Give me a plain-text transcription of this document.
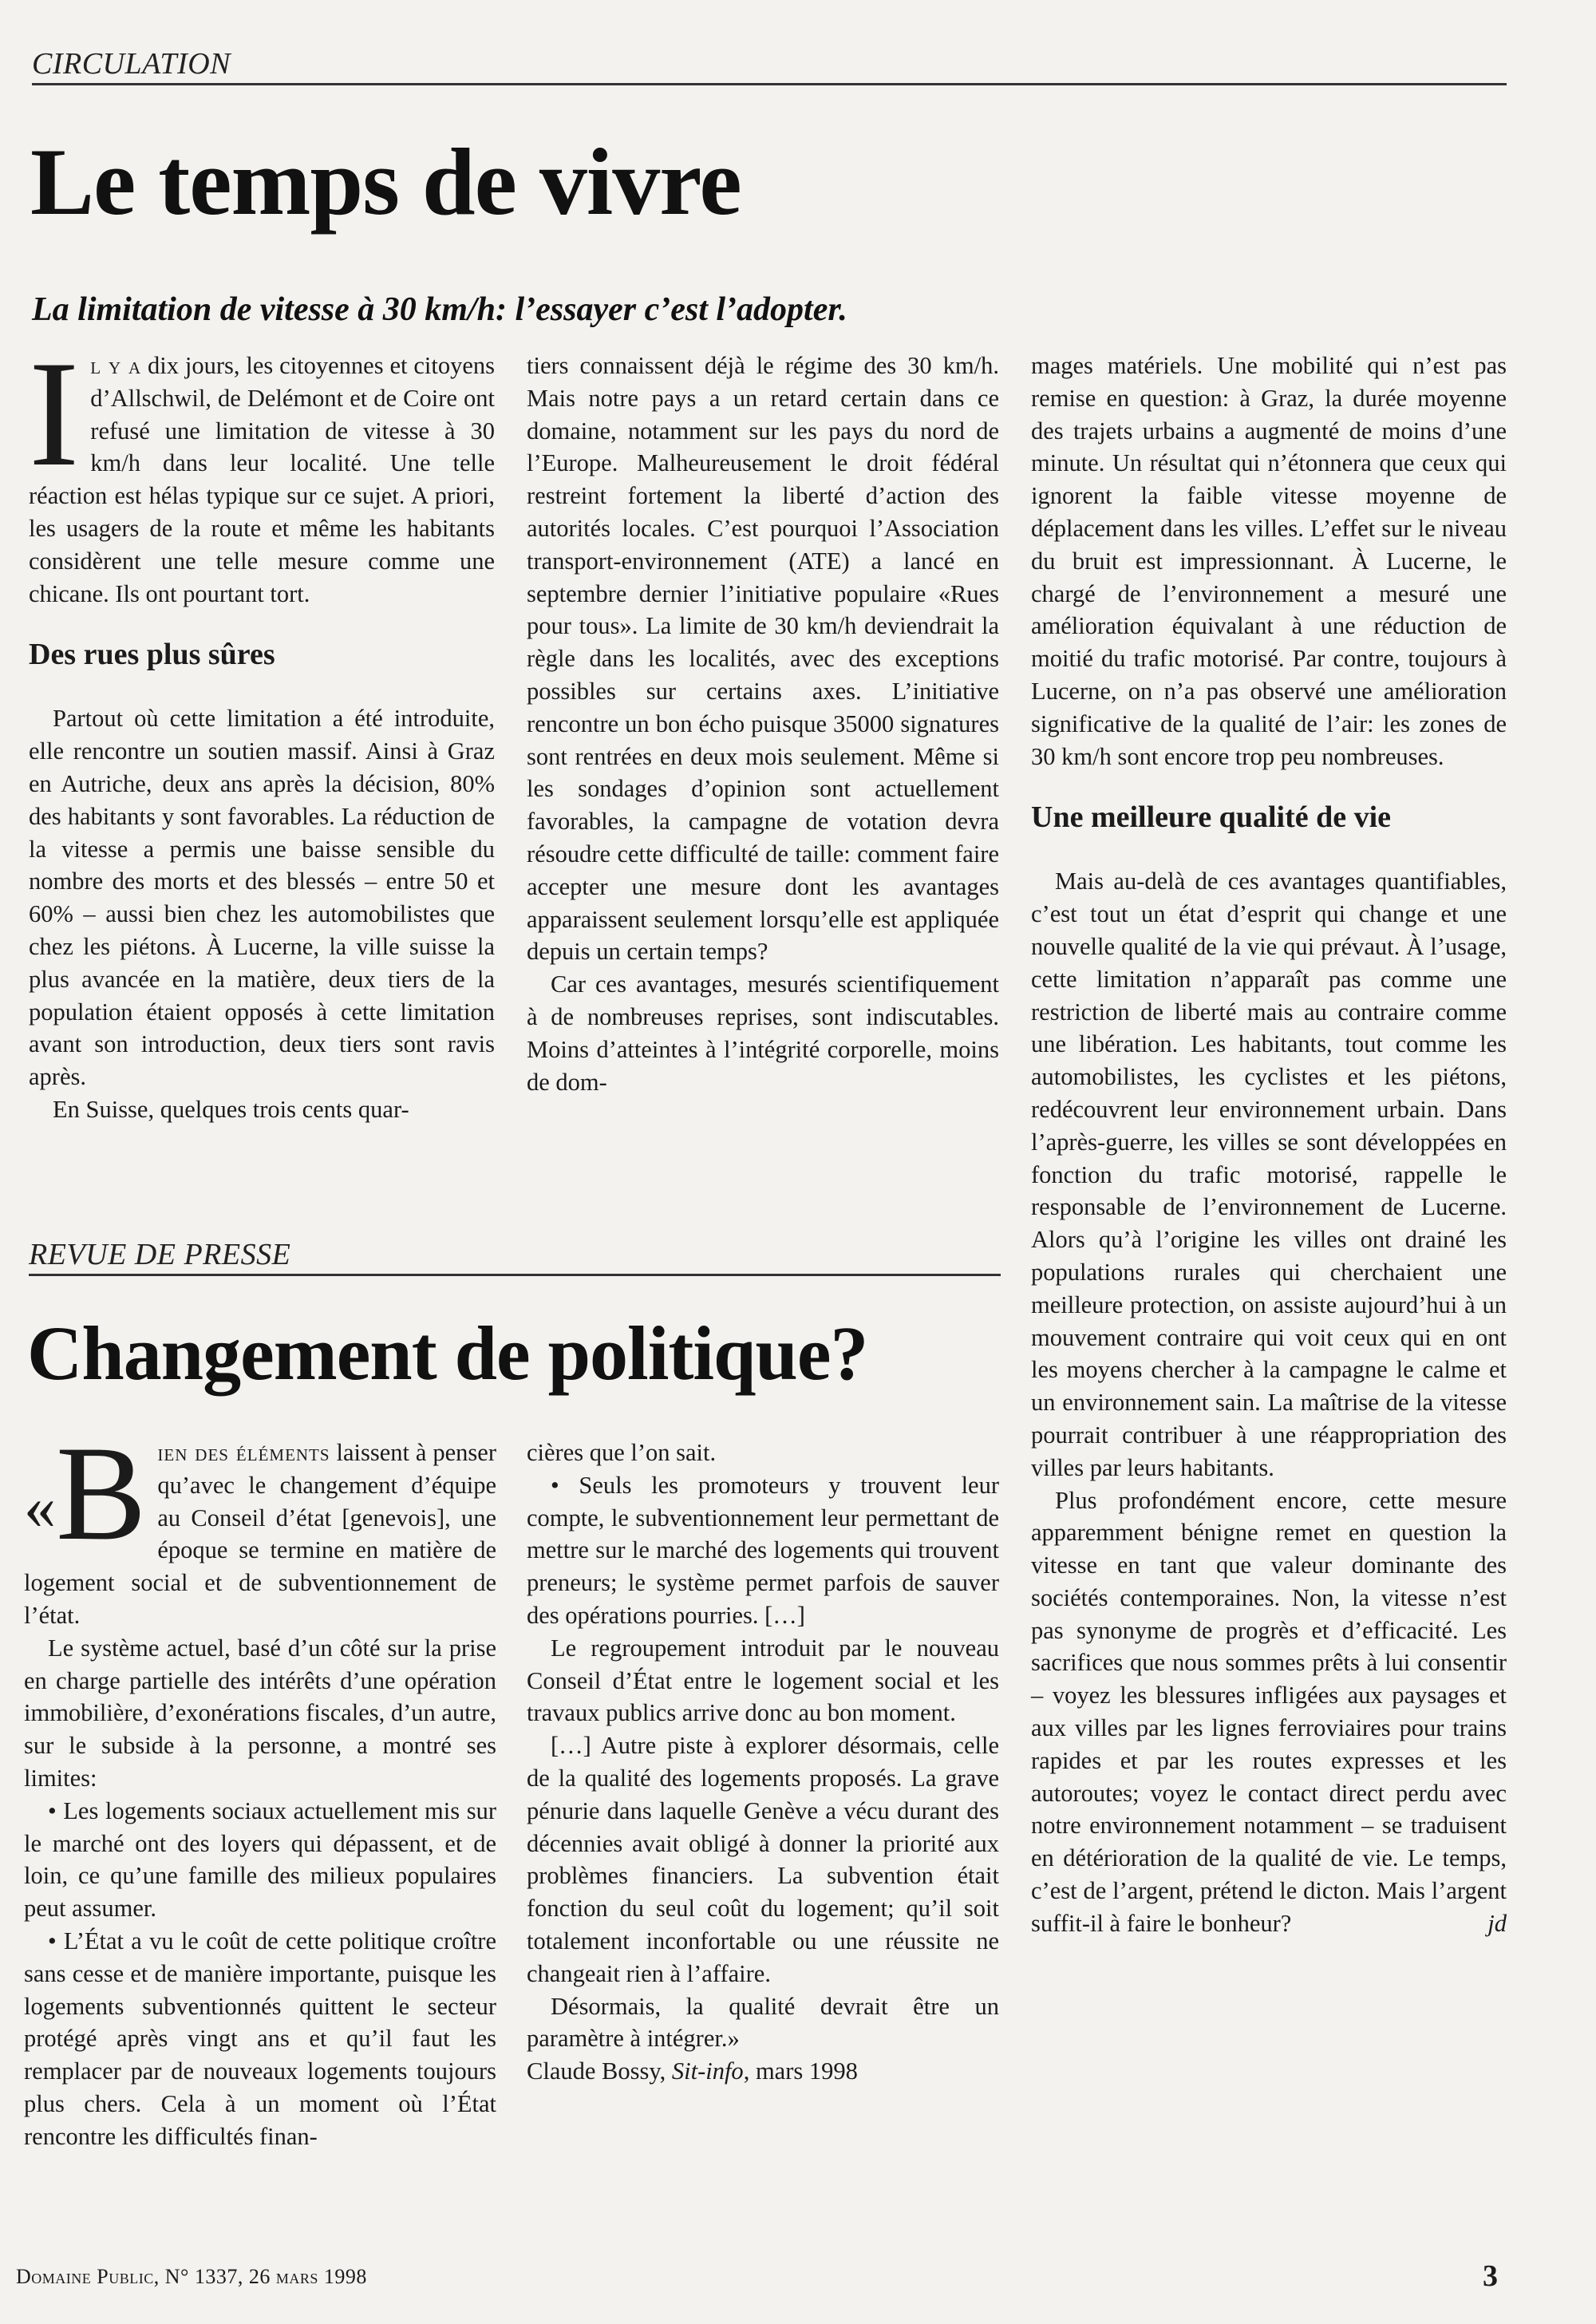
CIRCULATION
Le temps de vivre
La limitation de vitesse à 30 km/h: l’essayer c’est l’adopter.

Il y a dix jours, les citoyennes et citoyens d’Allschwil, de Delémont et de Coire ont refusé une limitation de vitesse à 30 km/h dans leur localité. Une telle réaction est hélas typique sur ce sujet. A priori, les usagers de la route et même les habitants considèrent une telle mesure comme une chicane. Ils ont pourtant tort.

Des rues plus sûres

Partout où cette limitation a été introduite, elle rencontre un soutien massif. Ainsi à Graz en Autriche, deux ans après la décision, 80% des habitants y sont favorables. La réduction de la vitesse a permis une baisse sensible du nombre des morts et des blessés – entre 50 et 60% – aussi bien chez les automobilistes que chez les piétons. À Lucerne, la ville suisse la plus avancée en la matière, deux tiers de la population étaient opposés à cette limitation avant son introduction, deux tiers sont ravis après.

En Suisse, quelques trois cents quar-

tiers connaissent déjà le régime des 30 km/h. Mais notre pays a un retard certain dans ce domaine, notamment sur les pays du nord de l’Europe. Malheureusement le droit fédéral restreint fortement la liberté d’action des autorités locales. C’est pourquoi l’Association transport-environnement (ATE) a lancé en septembre dernier l’initiative populaire «Rues pour tous». La limite de 30 km/h deviendrait la règle dans les localités, avec des exceptions possibles sur certains axes. L’initiative rencontre un bon écho puisque 35000 signatures sont rentrées en deux mois seulement. Même si les sondages d’opinion sont actuellement favorables, la campagne de votation devra résoudre cette difficulté de taille: comment faire accepter une mesure dont les avantages apparaissent seulement lorsqu’elle est appliquée depuis un certain temps?

Car ces avantages, mesurés scientifiquement à de nombreuses reprises, sont indiscutables. Moins d’atteintes à l’intégrité corporelle, moins de dom-

mages matériels. Une mobilité qui n’est pas remise en question: à Graz, la durée moyenne des trajets urbains a augmenté de moins d’une minute. Un résultat qui n’étonnera que ceux qui ignorent la faible vitesse moyenne de déplacement dans les villes. L’effet sur le niveau du bruit est impressionnant. À Lucerne, le chargé de l’environnement a mesuré une amélioration équivalant à une réduction de moitié du trafic motorisé. Par contre, toujours à Lucerne, on n’a pas observé une amélioration significative de la qualité de l’air: les zones de 30 km/h sont encore trop peu nombreuses.

Une meilleure qualité de vie

Mais au-delà de ces avantages quantifiables, c’est tout un état d’esprit qui change et une nouvelle qualité de la vie qui prévaut. À l’usage, cette limitation n’apparaît pas comme une restriction de liberté mais au contraire comme une libération. Les habitants, tout comme les automobilistes, les cyclistes et les piétons, redécouvrent leur environnement urbain. Dans l’après-guerre, les villes se sont développées en fonction du trafic motorisé, rappelle le responsable de l’environnement de Lucerne. Alors qu’à l’origine les villes ont drainé les populations rurales qui cherchaient une meilleure protection, on assiste aujourd’hui à un mouvement contraire qui voit ceux qui en ont les moyens chercher à la campagne le calme et un environnement sain. La maîtrise de la vitesse pourrait contribuer à une réappropriation des villes par leurs habitants.

Plus profondément encore, cette mesure apparemment bénigne remet en question la vitesse en tant que valeur dominante des sociétés contemporaines. Non, la vitesse n’est pas synonyme de progrès et d’efficacité. Les sacrifices que nous sommes prêts à lui consentir – voyez les blessures infligées aux paysages et aux villes par les lignes ferroviaires pour trains rapides et par les routes expresses et les autoroutes; voyez le contact direct perdu avec notre environnement notamment – se traduisent en détérioration de la qualité de vie. Le temps, c’est de l’argent, prétend le dicton. Mais l’argent suffit-il à faire le bonheur?	jd

REVUE DE PRESSE
Changement de politique?

«B ien des éléments laissent à penser qu’avec le changement d’équipe au Conseil d’état [genevois], une époque se termine en matière de logement social et de subventionnement de l’état.

Le système actuel, basé d’un côté sur la prise en charge partielle des intérêts d’une opération immobilière, d’exonérations fiscales, d’un autre, sur le subside à la personne, a montré ses limites:

• Les logements sociaux actuellement mis sur le marché ont des loyers qui dépassent, et de loin, ce qu’une famille des milieux populaires peut assumer.

• L’État a vu le coût de cette politique croître sans cesse et de manière importante, puisque les logements subventionnés quittent le secteur protégé après vingt ans et qu’il faut les remplacer par de nouveaux logements toujours plus chers. Cela à un moment où l’État rencontre les difficultés finan-

cières que l’on sait.

• Seuls les promoteurs y trouvent leur compte, le subventionnement leur permettant de mettre sur le marché des logements qui trouvent preneurs; le système permet parfois de sauver des opérations pourries. […]

Le regroupement introduit par le nouveau Conseil d’État entre le logement social et les travaux publics arrive donc au bon moment.

[…] Autre piste à explorer désormais, celle de la qualité des logements proposés. La grave pénurie dans laquelle Genève a vécu durant des décennies avait obligé à donner la priorité aux problèmes financiers. La subvention était fonction du seul coût du logement; qu’il soit totalement inconfortable ou une réussite ne changeait rien à l’affaire.

Désormais, la qualité devrait être un paramètre à intégrer.»

Claude Bossy, Sit-info, mars 1998

Domaine Public, N° 1337, 26 mars 1998	3
